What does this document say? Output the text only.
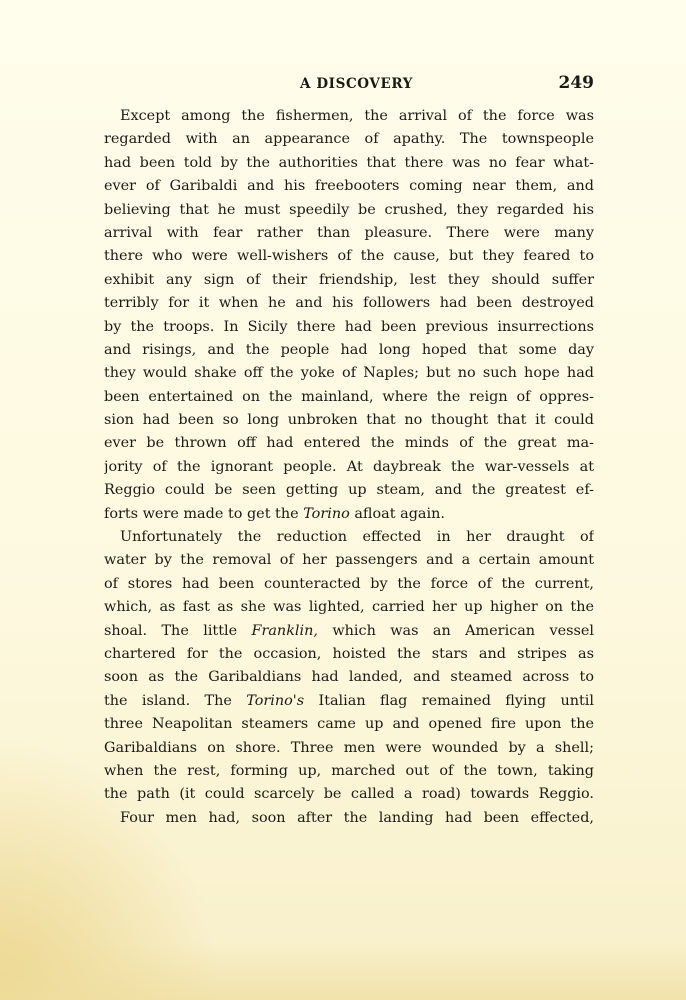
A DISCOVERY	249
Except among the fishermen, the arrival of the force was
regarded with an appearance of apathy. The townspeople
had been told by the authorities that there was no fear what-
ever of Garibaldi and his freebooters coming near them, and
believing that he must speedily be crushed, they regarded his
arrival with fear rather than pleasure. There were many
there who were well-wishers of the cause, but they feared to
exhibit any sign of their friendship, lest they should suffer
terribly for it when he and his followers had been destroyed
by the troops. In Sicily there had been previous insurrections
and risings, and the people had long hoped that some day
they would shake off the yoke of Naples; but no such hope had
been entertained on the mainland, where the reign of oppres-
sion had been so long unbroken that no thought that it could
ever be thrown off had entered the minds of the great ma-
jority of the ignorant people. At daybreak the war-vessels at
Reggio could be seen getting up steam, and the greatest ef-
forts were made to get the Torino afloat again.
Unfortunately the reduction effected in her draught of
water by the removal of her passengers and a certain amount
of stores had been counteracted by the force of the current,
which, as fast as she was lighted, carried her up higher on the
shoal. The little Franklin, which was an American vessel
chartered for the occasion, hoisted the stars and stripes as
soon as the Garibaldians had landed, and steamed across to
the island. The Torino's Italian flag remained flying until
three Neapolitan steamers came up and opened fire upon the
Garibaldians on shore. Three men were wounded by a shell;
when the rest, forming up, marched out of the town, taking
the path (it could scarcely be called a road) towards Reggio.
Four men had, soon after the landing had been effected,
